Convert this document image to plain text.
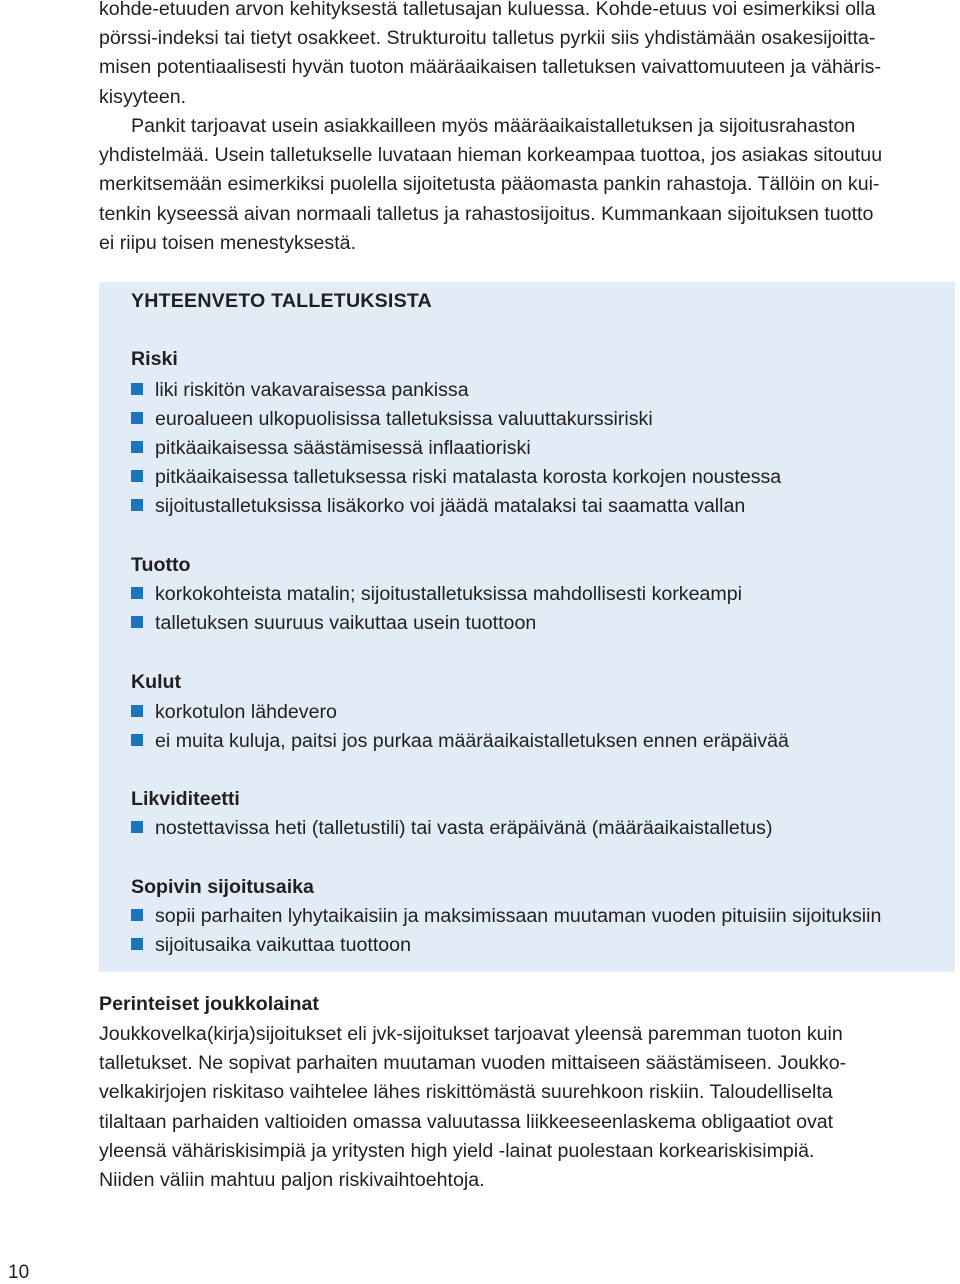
kohde-etuuden arvon kehityksestä talletusajan kuluessa. Kohde-etuus voi esimerkiksi olla
pörssi-indeksi tai tietyt osakkeet. Strukturoitu talletus pyrkii siis yhdistämään osakesijoitta-
misen potentiaalisesti hyvän tuoton määräaikaisen talletuksen vaivattomuuteen ja vähäris-
kisyyteen.
Pankit tarjoavat usein asiakkailleen myös määräaikaistalletuksen ja sijoitusrahaston
yhdistelmää. Usein talletukselle luvataan hieman korkeampaa tuottoa, jos asiakas sitoutuu
merkitsemään esimerkiksi puolella sijoitetusta pääomasta pankin rahastoja. Tällöin on kui-
tenkin kyseessä aivan normaali talletus ja rahastosijoitus. Kummankaan sijoituksen tuotto
ei riipu toisen menestyksestä.
YHTEENVETO TALLETUKSISTA
Riski
liki riskitön vakavaraisessa pankissa
euroalueen ulkopuolisissa talletuksissa valuuttakurssiriski
pitkäaikaisessa säästämisessä inflaatioriski
pitkäaikaisessa talletuksessa riski matalasta korosta korkojen noustessa
sijoitustalletuksissa lisäkorko voi jäädä matalaksi tai saamatta vallan
Tuotto
korkokohteista matalin; sijoitustalletuksissa mahdollisesti korkeampi
talletuksen suuruus vaikuttaa usein tuottoon
Kulut
korkotulon lähdevero
ei muita kuluja, paitsi jos purkaa määräaikaistalletuksen ennen eräpäivää
Likviditeetti
nostettavissa heti (talletustili) tai vasta eräpäivänä (määräaikaistalletus)
Sopivin sijoitusaika
sopii parhaiten lyhytaikaisiin ja maksimissaan muutaman vuoden pituisiin sijoituksiin
sijoitusaika vaikuttaa tuottoon
Perinteiset joukkolainat
Joukkovelka(kirja)sijoitukset eli jvk-sijoitukset tarjoavat yleensä paremman tuoton kuin
talletukset. Ne sopivat parhaiten muutaman vuoden mittaiseen säästämiseen. Joukko-
velkakirjojen riskitaso vaihtelee lähes riskittömästä suurehkoon riskiin. Taloudelliselta
tilaltaan parhaiden valtioiden omassa valuutassa liikkeeseenlaskema obligaatiot ovat
yleensä vähäriskisimpiä ja yritysten high yield -lainat puolestaan korkeariskisimpiä.
Niiden väliin mahtuu paljon riskivaihtoehtoja.
10
